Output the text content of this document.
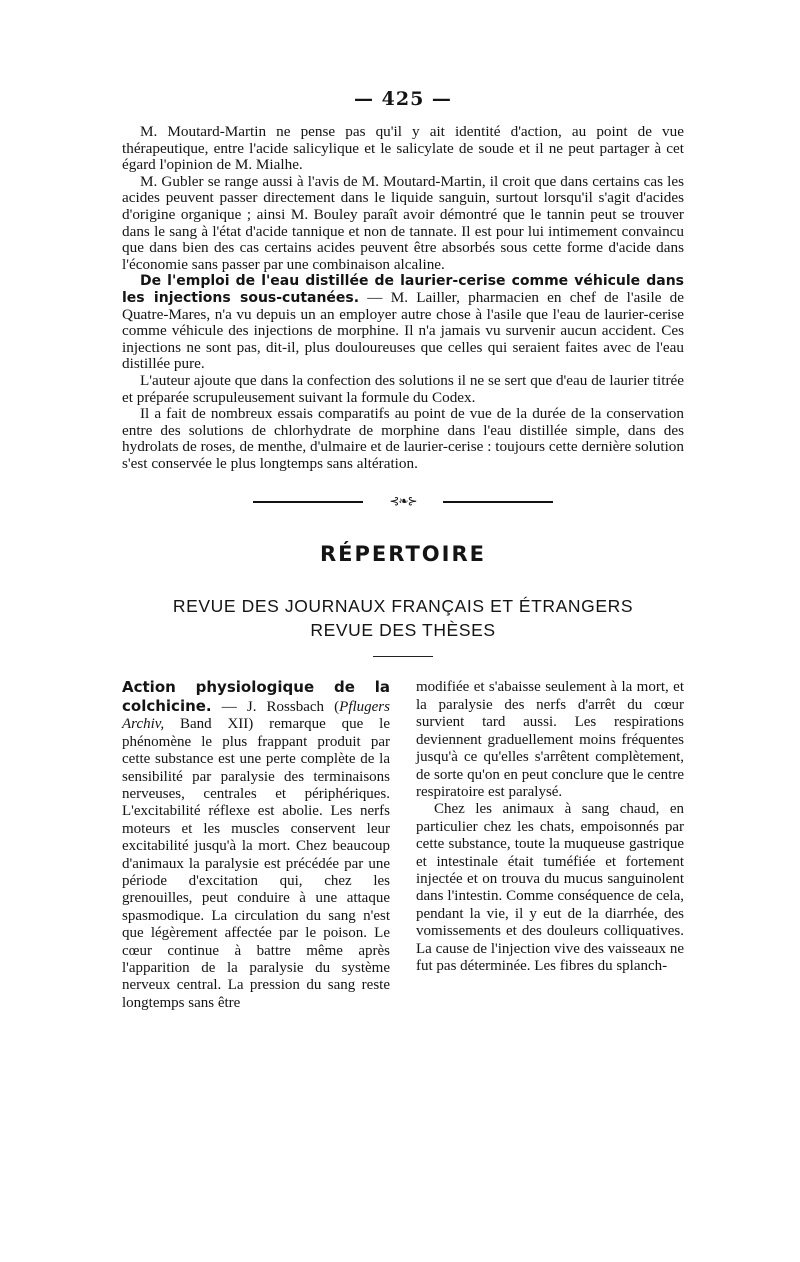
— 425 —

M. Moutard-Martin ne pense pas qu'il y ait identité d'action, au point de vue thérapeutique, entre l'acide salicylique et le salicylate de soude et il ne peut partager à cet égard l'opinion de M. Mialhe.

M. Gubler se range aussi à l'avis de M. Moutard-Martin, il croit que dans certains cas les acides peuvent passer directement dans le liquide sanguin, surtout lorsqu'il s'agit d'acides d'origine organique ; ainsi M. Bouley paraît avoir démontré que le tannin peut se trouver dans le sang à l'état d'acide tannique et non de tannate. Il est pour lui intimement convaincu que dans bien des cas certains acides peuvent être absorbés sous cette forme d'acide dans l'économie sans passer par une combinaison alcaline.

De l'emploi de l'eau distillée de laurier-cerise comme véhicule dans les injections sous-cutanées. — M. Lailler, pharmacien en chef de l'asile de Quatre-Mares, n'a vu depuis un an employer autre chose à l'asile que l'eau de laurier-cerise comme véhicule des injections de morphine. Il n'a jamais vu survenir aucun accident. Ces injections ne sont pas, dit-il, plus douloureuses que celles qui seraient faites avec de l'eau distillée pure.

L'auteur ajoute que dans la confection des solutions il ne se sert que d'eau de laurier titrée et préparée scrupuleusement suivant la formule du Codex.

Il a fait de nombreux essais comparatifs au point de vue de la durée de la conservation entre des solutions de chlorhydrate de morphine dans l'eau distillée simple, dans des hydrolats de roses, de menthe, d'ulmaire et de laurier-cerise : toujours cette dernière solution s'est conservée le plus longtemps sans altération.

⊰❧⊱
RÉPERTOIRE
REVUE DES JOURNAUX FRANÇAIS ET ÉTRANGERS
REVUE DES THÈSES

Action physiologique de la colchicine. — J. Rossbach (Pflugers Archiv, Band XII) remarque que le phénomène le plus frappant produit par cette substance est une perte complète de la sensibilité par paralysie des terminaisons nerveuses, centrales et périphériques. L'excitabilité réflexe est abolie. Les nerfs moteurs et les muscles conservent leur excitabilité jusqu'à la mort. Chez beaucoup d'animaux la paralysie est précédée par une période d'excitation qui, chez les grenouilles, peut conduire à une attaque spasmodique. La circulation du sang n'est que légèrement affectée par le poison. Le cœur continue à battre même après l'apparition de la paralysie du système nerveux central. La pression du sang reste longtemps sans être

modifiée et s'abaisse seulement à la mort, et la paralysie des nerfs d'arrêt du cœur survient tard aussi. Les respirations deviennent graduellement moins fréquentes jusqu'à ce qu'elles s'arrêtent complètement, de sorte qu'on en peut conclure que le centre respiratoire est paralysé.

Chez les animaux à sang chaud, en particulier chez les chats, empoisonnés par cette substance, toute la muqueuse gastrique et intestinale était tuméfiée et fortement injectée et on trouva du mucus sanguinolent dans l'intestin. Comme conséquence de cela, pendant la vie, il y eut de la diarrhée, des vomissements et des douleurs colliquatives. La cause de l'injection vive des vaisseaux ne fut pas déterminée. Les fibres du splanch-
